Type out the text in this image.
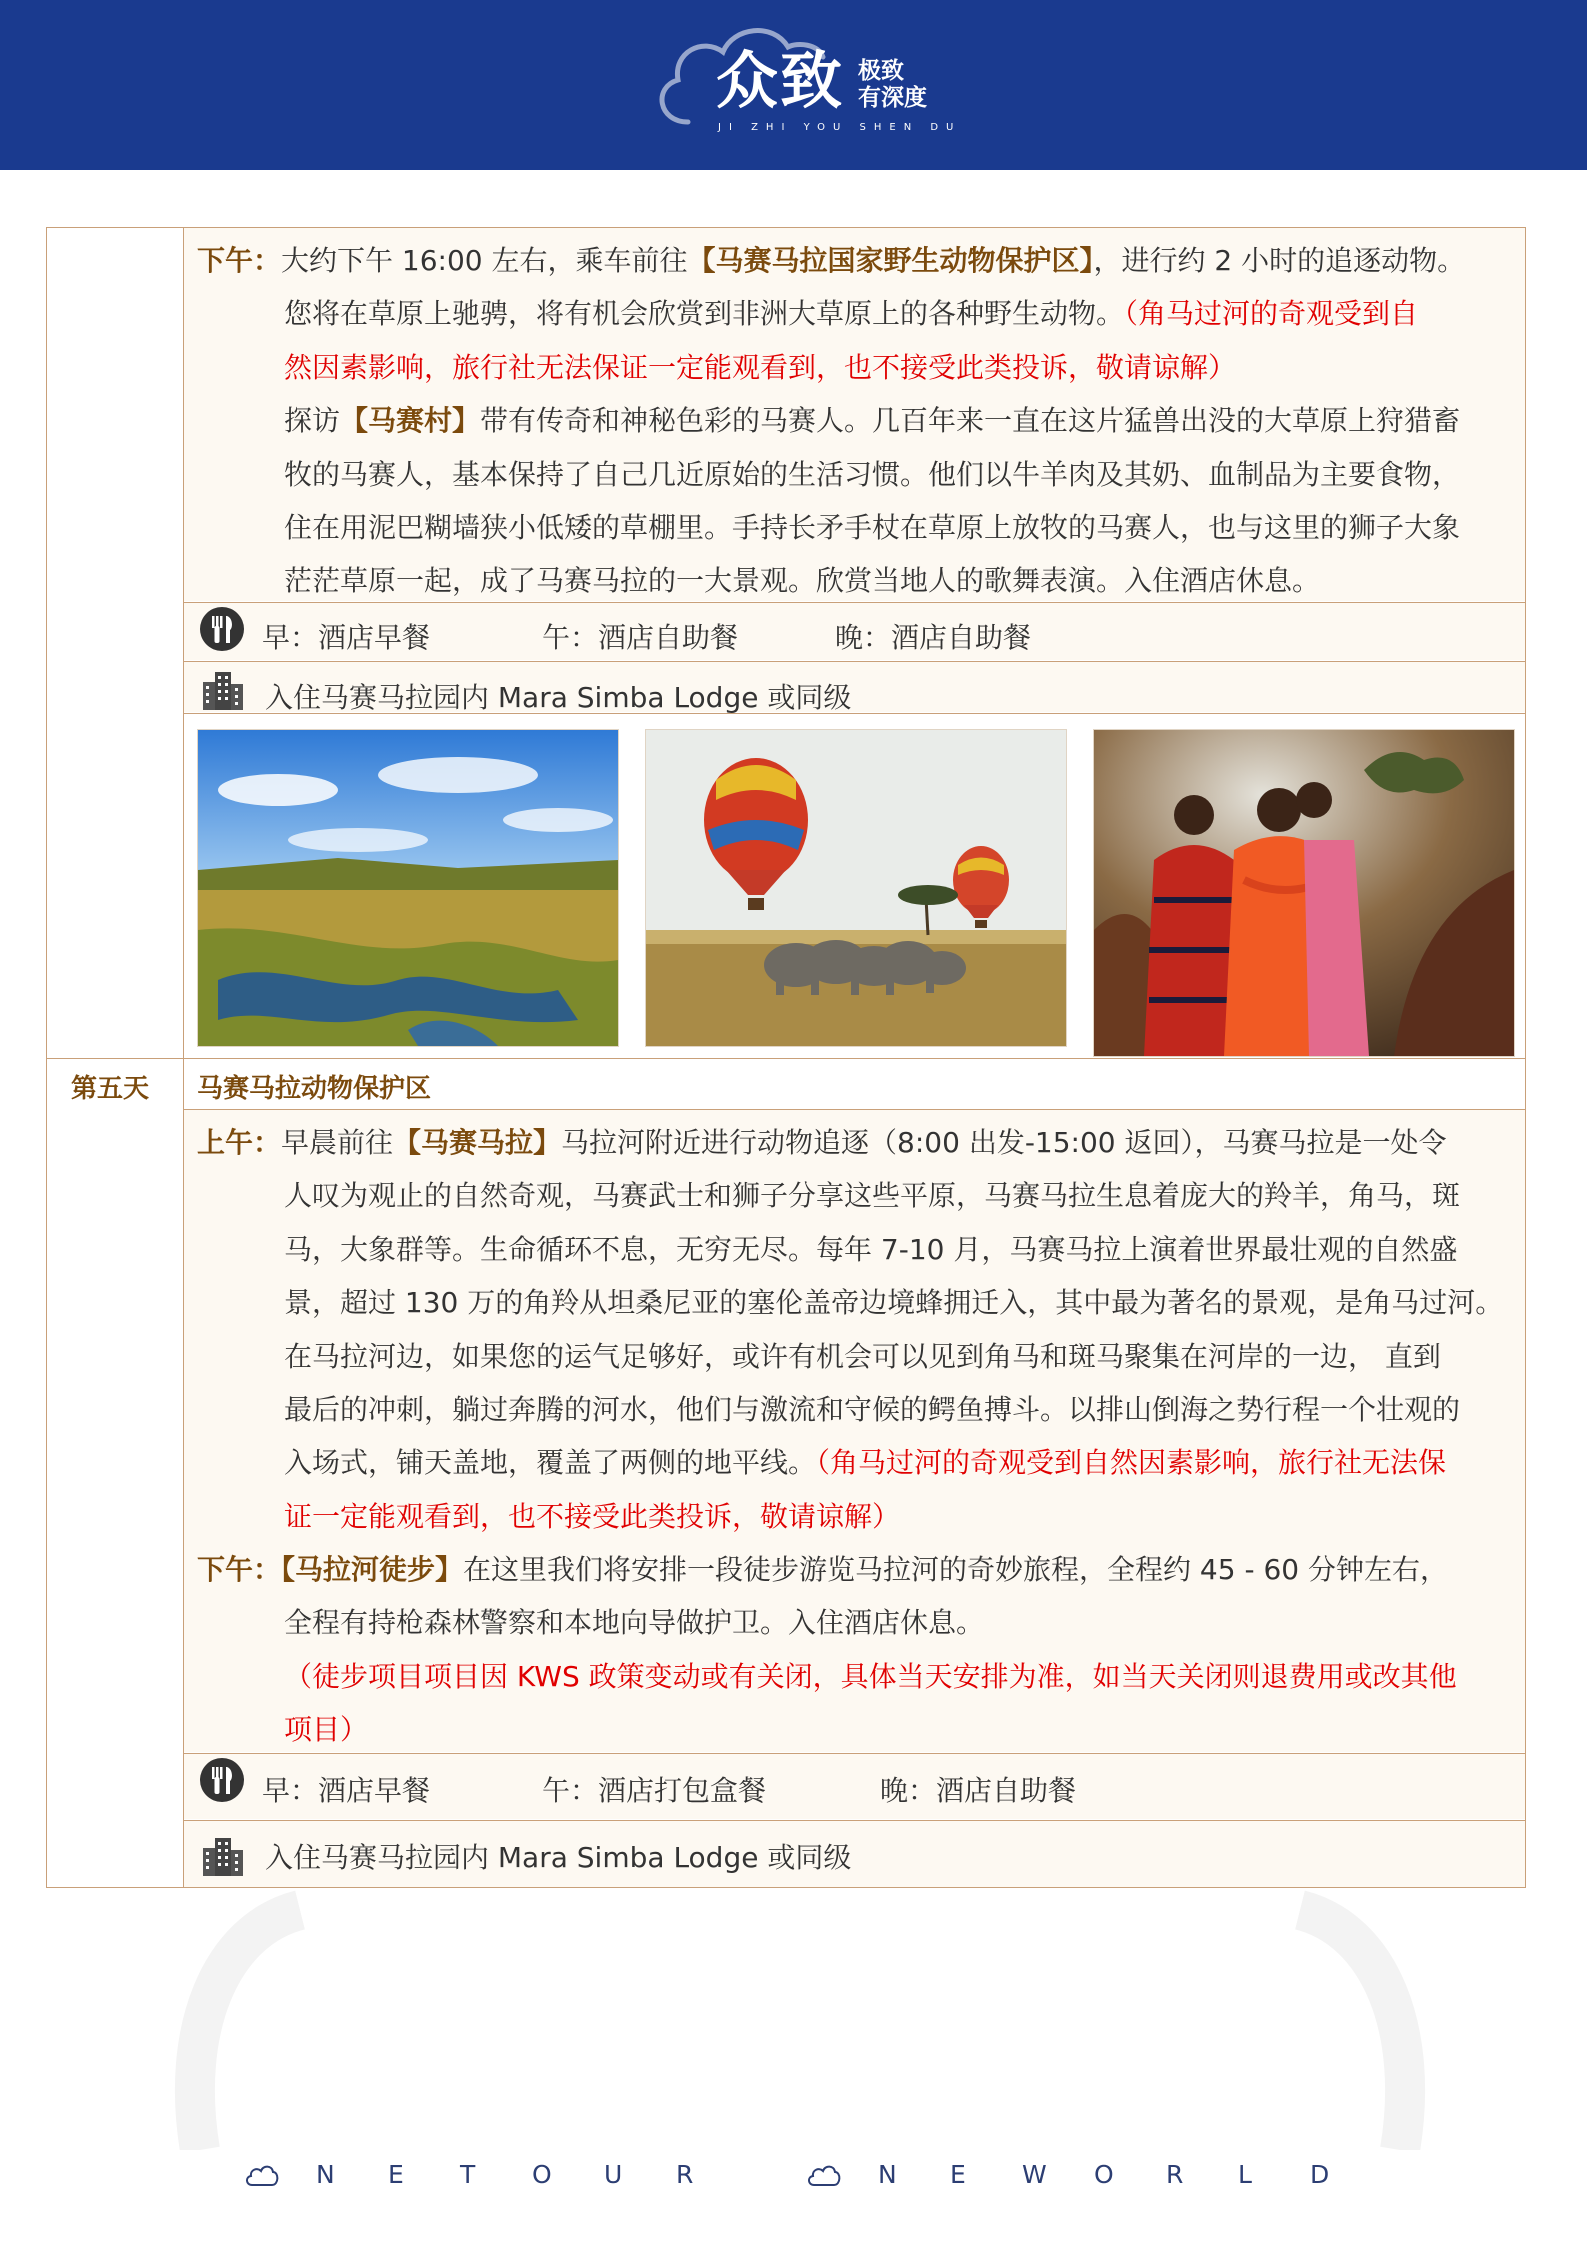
众致 极致
有深度
JI ZHI YOU SHEN DU
下午：大约下午 16:00 左右，乘车前往【马赛马拉国家野生动物保护区】，进行约 2 小时的追逐动物。
您将在草原上驰骋，将有机会欣赏到非洲大草原上的各种野生动物。（角马过河的奇观受到自
然因素影响，旅行社无法保证一定能观看到，也不接受此类投诉，敬请谅解）
探访【马赛村】带有传奇和神秘色彩的马赛人。几百年来一直在这片猛兽出没的大草原上狩猎畜
牧的马赛人，基本保持了自己几近原始的生活习惯。他们以牛羊肉及其奶、血制品为主要食物，
住在用泥巴糊墙狭小低矮的草棚里。手持长矛手杖在草原上放牧的马赛人，也与这里的狮子大象
茫茫草原一起，成了马赛马拉的一大景观。欣赏当地人的歌舞表演。入住酒店休息。
早：酒店早餐	午：酒店自助餐	晚：酒店自助餐
入住马赛马拉园内 Mara Simba Lodge 或同级
第五天 马赛马拉动物保护区
上午：早晨前往【马赛马拉】马拉河附近进行动物追逐（8:00 出发-15:00 返回），马赛马拉是一处令
人叹为观止的自然奇观，马赛武士和狮子分享这些平原，马赛马拉生息着庞大的羚羊，角马，斑
马，大象群等。生命循环不息，无穷无尽。每年 7-10 月，马赛马拉上演着世界最壮观的自然盛
景，超过 130 万的角羚从坦桑尼亚的塞伦盖帝边境蜂拥迁入，其中最为著名的景观，是角马过河。
在马拉河边，如果您的运气足够好，或许有机会可以见到角马和斑马聚集在河岸的一边， 直到
最后的冲刺，躺过奔腾的河水，他们与激流和守候的鳄鱼搏斗。以排山倒海之势行程一个壮观的
入场式，铺天盖地，覆盖了两侧的地平线。（角马过河的奇观受到自然因素影响，旅行社无法保
证一定能观看到，也不接受此类投诉，敬请谅解）
下午：【马拉河徒步】在这里我们将安排一段徒步游览马拉河的奇妙旅程，全程约 45 - 60 分钟左右，
全程有持枪森林警察和本地向导做护卫。入住酒店休息。
（徒步项目项目因 KWS 政策变动或有关闭，具体当天安排为准，如当天关闭则退费用或改其他
项目）
早：酒店早餐	午：酒店打包盒餐	晚：酒店自助餐
入住马赛马拉园内 Mara Simba Lodge 或同级
N E T O U R	N E W O R L D
